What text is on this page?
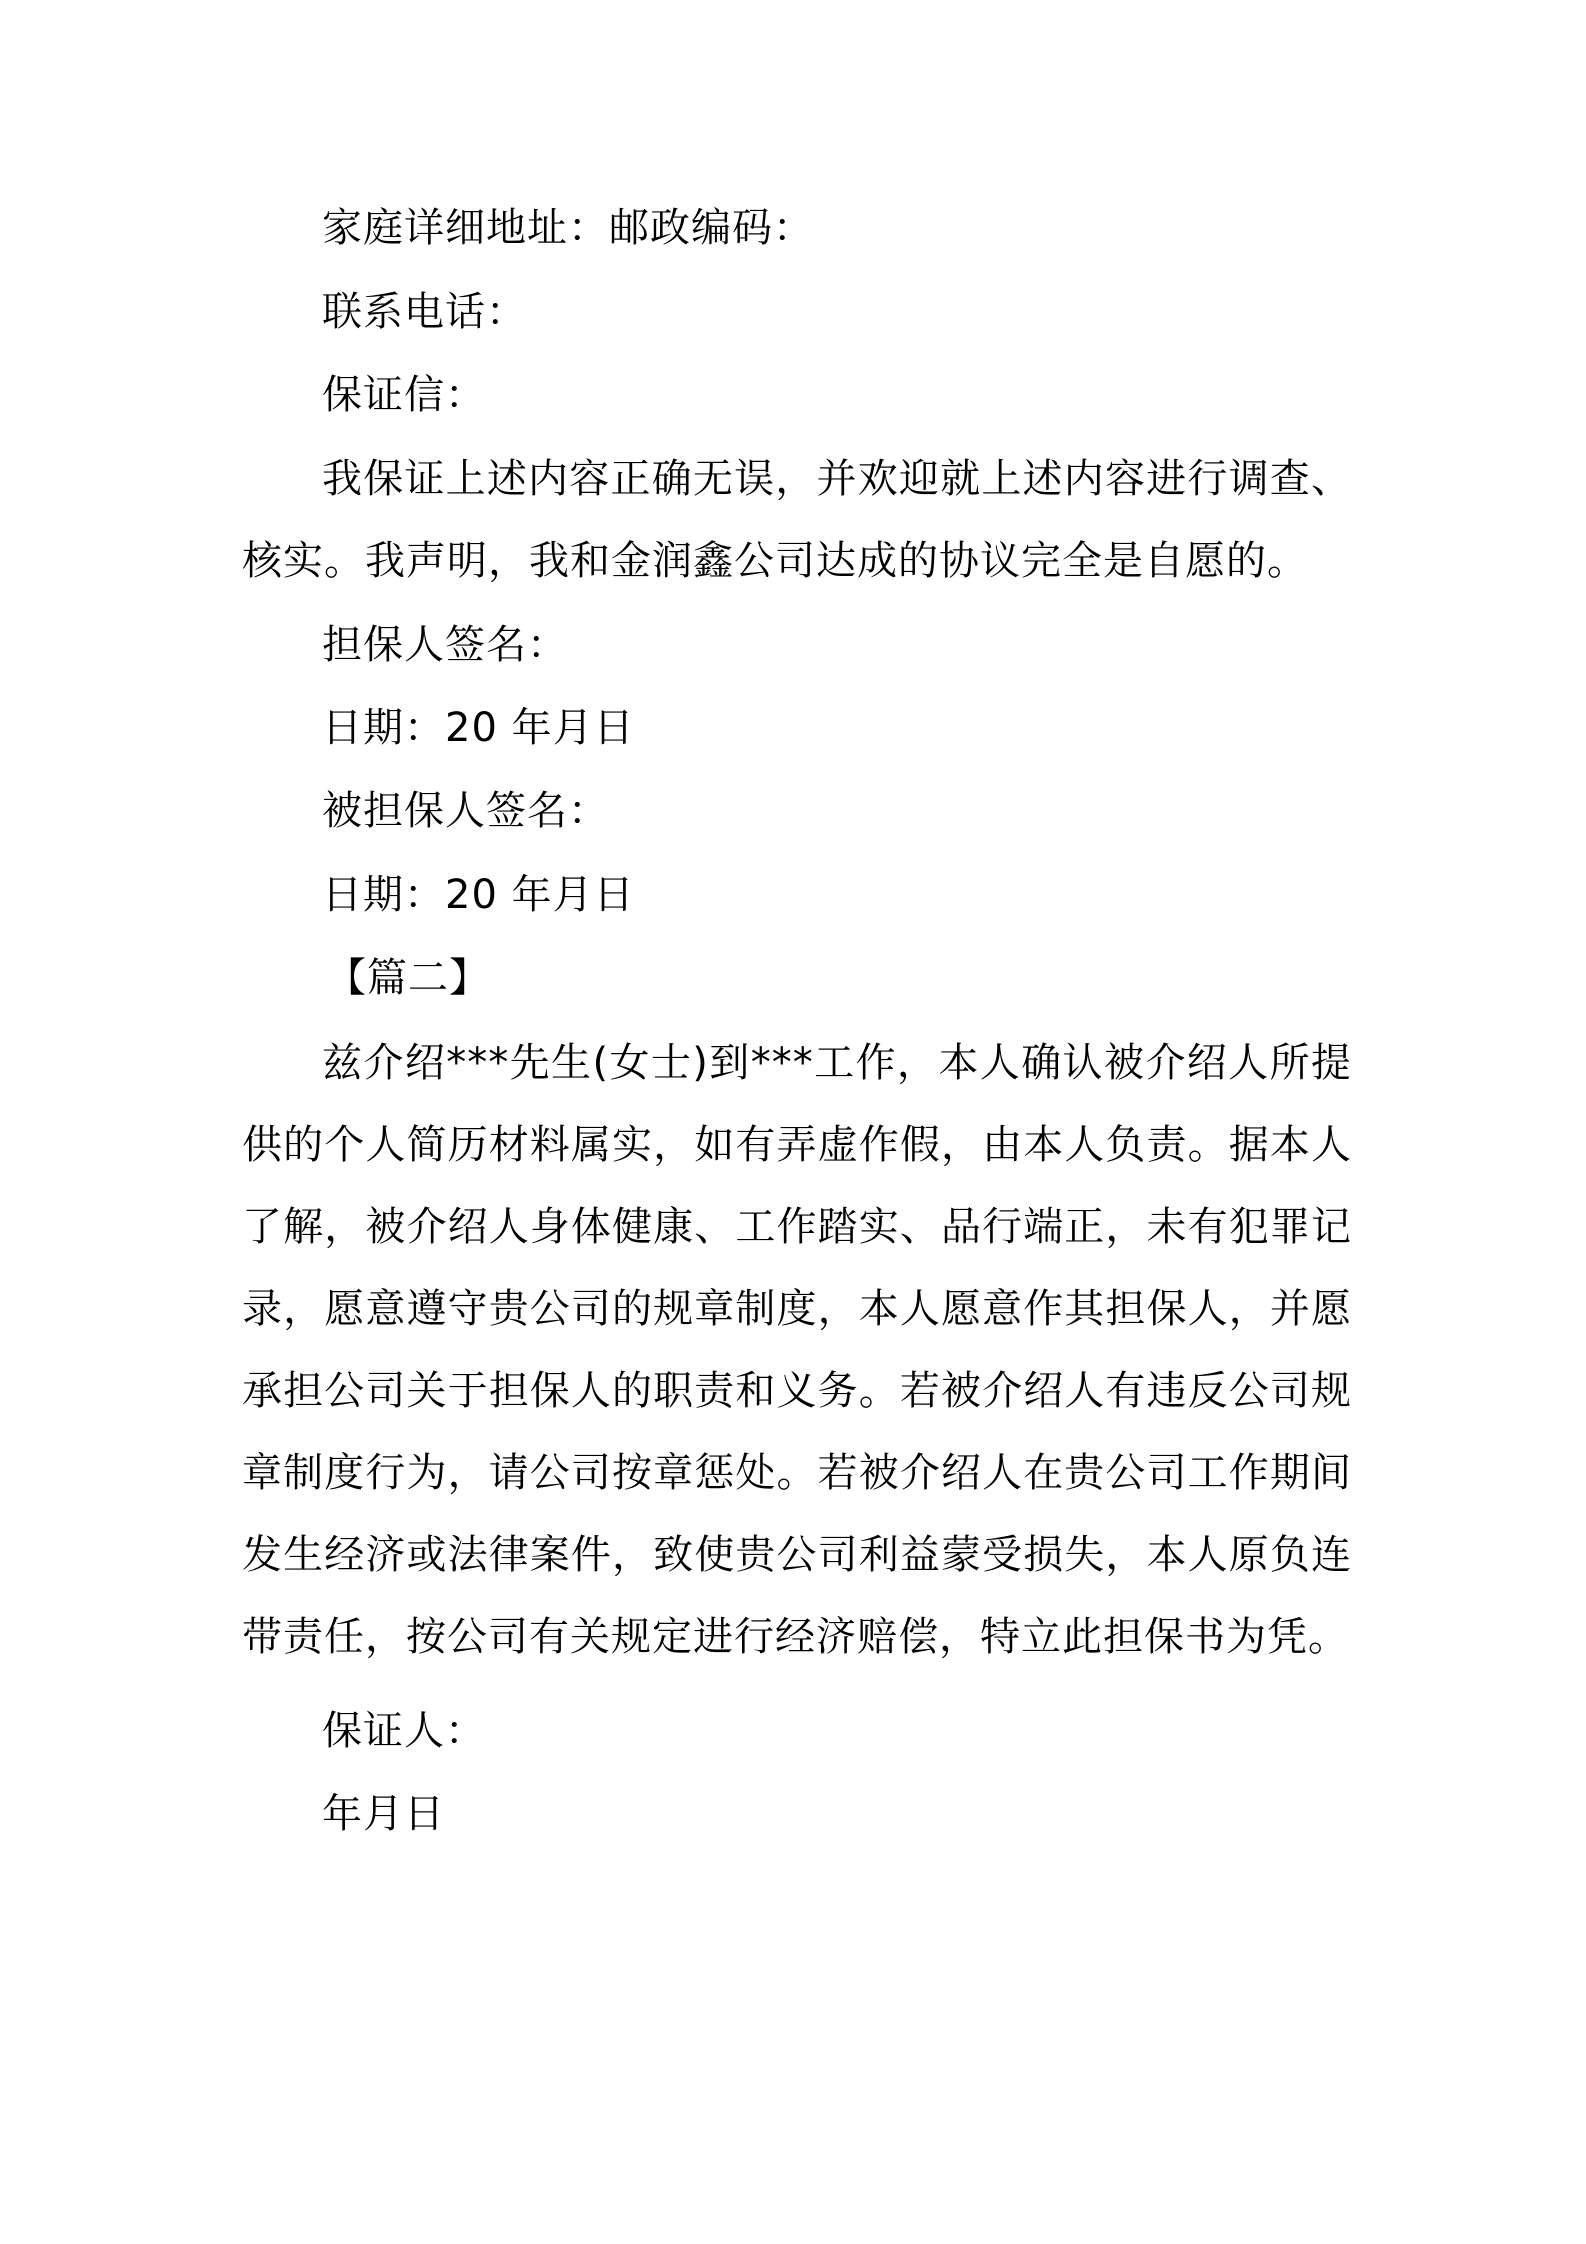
家庭详细地址：邮政编码：
联系电话：
保证信：
我保证上述内容正确无误，并欢迎就上述内容进行调查、核实。我声明，我和金润鑫公司达成的协议完全是自愿的。
担保人签名：
日期：20 年月日
被担保人签名：
日期：20 年月日
【篇二】
兹介绍***先生(女士)到***工作，本人确认被介绍人所提供的个人简历材料属实，如有弄虚作假，由本人负责。据本人了解，被介绍人身体健康、工作踏实、品行端正，未有犯罪记录，愿意遵守贵公司的规章制度，本人愿意作其担保人，并愿承担公司关于担保人的职责和义务。若被介绍人有违反公司规章制度行为，请公司按章惩处。若被介绍人在贵公司工作期间发生经济或法律案件，致使贵公司利益蒙受损失，本人原负连带责任，按公司有关规定进行经济赔偿，特立此担保书为凭。
保证人：
年月日
